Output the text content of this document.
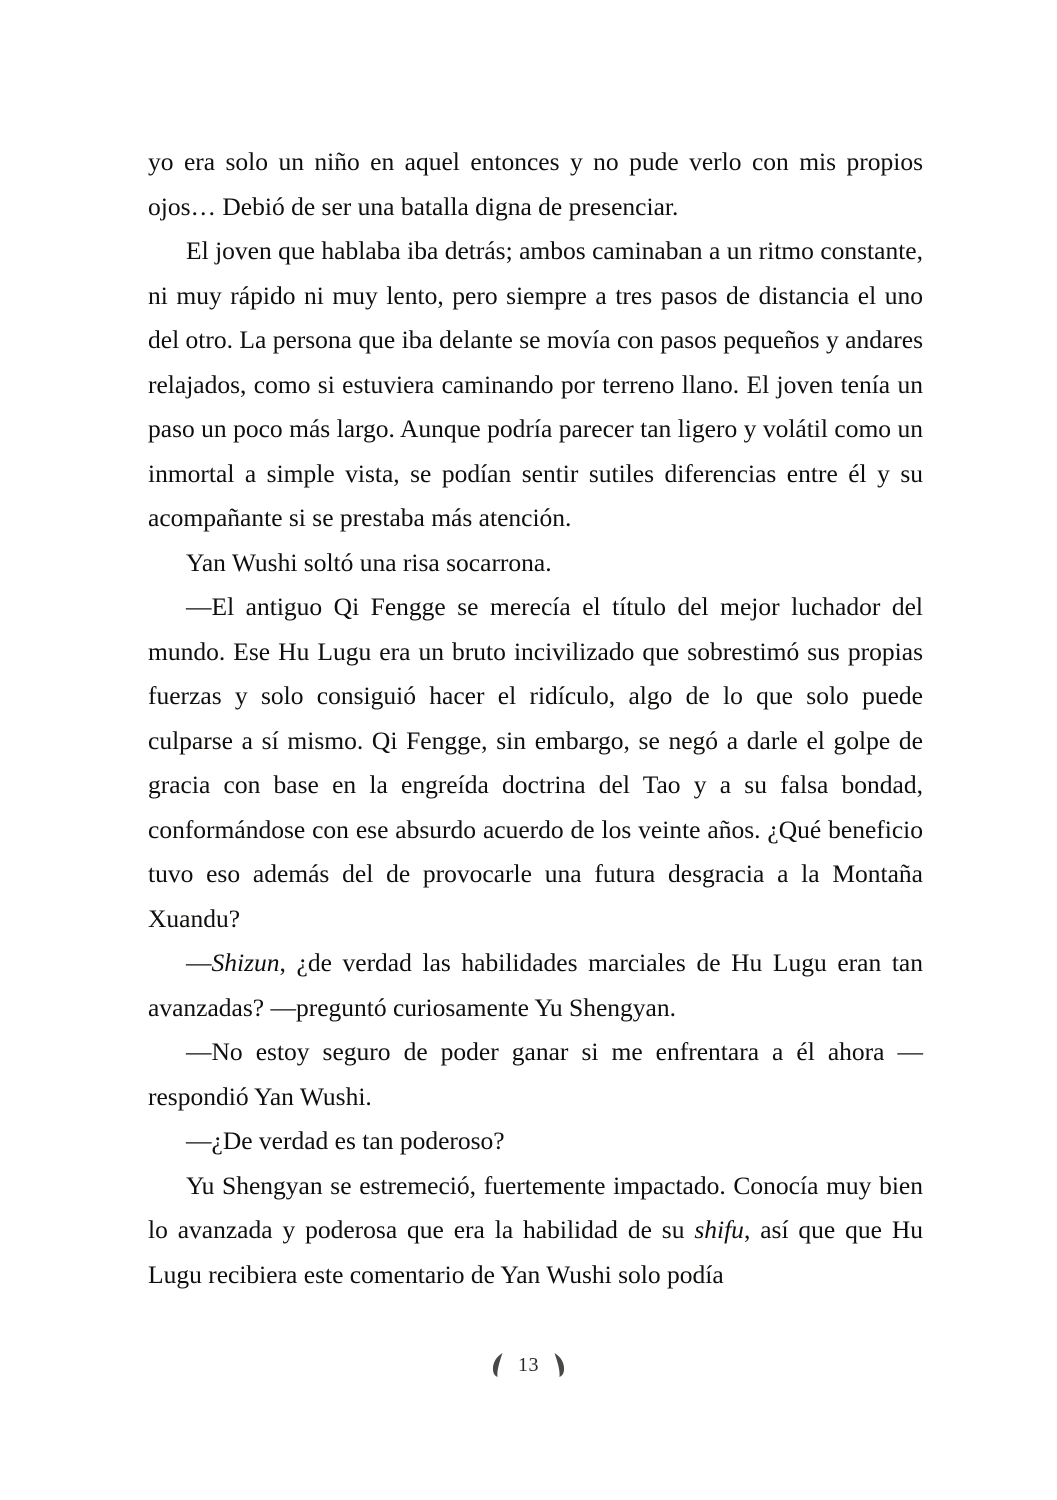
yo era solo un niño en aquel entonces y no pude verlo con mis propios ojos… Debió de ser una batalla digna de presenciar.

El joven que hablaba iba detrás; ambos caminaban a un ritmo constante, ni muy rápido ni muy lento, pero siempre a tres pasos de distancia el uno del otro. La persona que iba delante se movía con pasos pequeños y andares relajados, como si estuviera caminando por terreno llano. El joven tenía un paso un poco más largo. Aunque podría parecer tan ligero y volátil como un inmortal a simple vista, se podían sentir sutiles diferencias entre él y su acompañante si se prestaba más atención.

Yan Wushi soltó una risa socarrona.

—El antiguo Qi Fengge se merecía el título del mejor luchador del mundo. Ese Hu Lugu era un bruto incivilizado que sobrestimó sus propias fuerzas y solo consiguió hacer el ridículo, algo de lo que solo puede culparse a sí mismo. Qi Fengge, sin embargo, se negó a darle el golpe de gracia con base en la engreída doctrina del Tao y a su falsa bondad, conformándose con ese absurdo acuerdo de los veinte años. ¿Qué beneficio tuvo eso además del de provocarle una futura desgracia a la Montaña Xuandu?

—Shizun, ¿de verdad las habilidades marciales de Hu Lugu eran tan avanzadas? —preguntó curiosamente Yu Shengyan.

—No estoy seguro de poder ganar si me enfrentara a él ahora —respondió Yan Wushi.

—¿De verdad es tan poderoso?

Yu Shengyan se estremeció, fuertemente impactado. Conocía muy bien lo avanzada y poderosa que era la habilidad de su shifu, así que que Hu Lugu recibiera este comentario de Yan Wushi solo podía

13
